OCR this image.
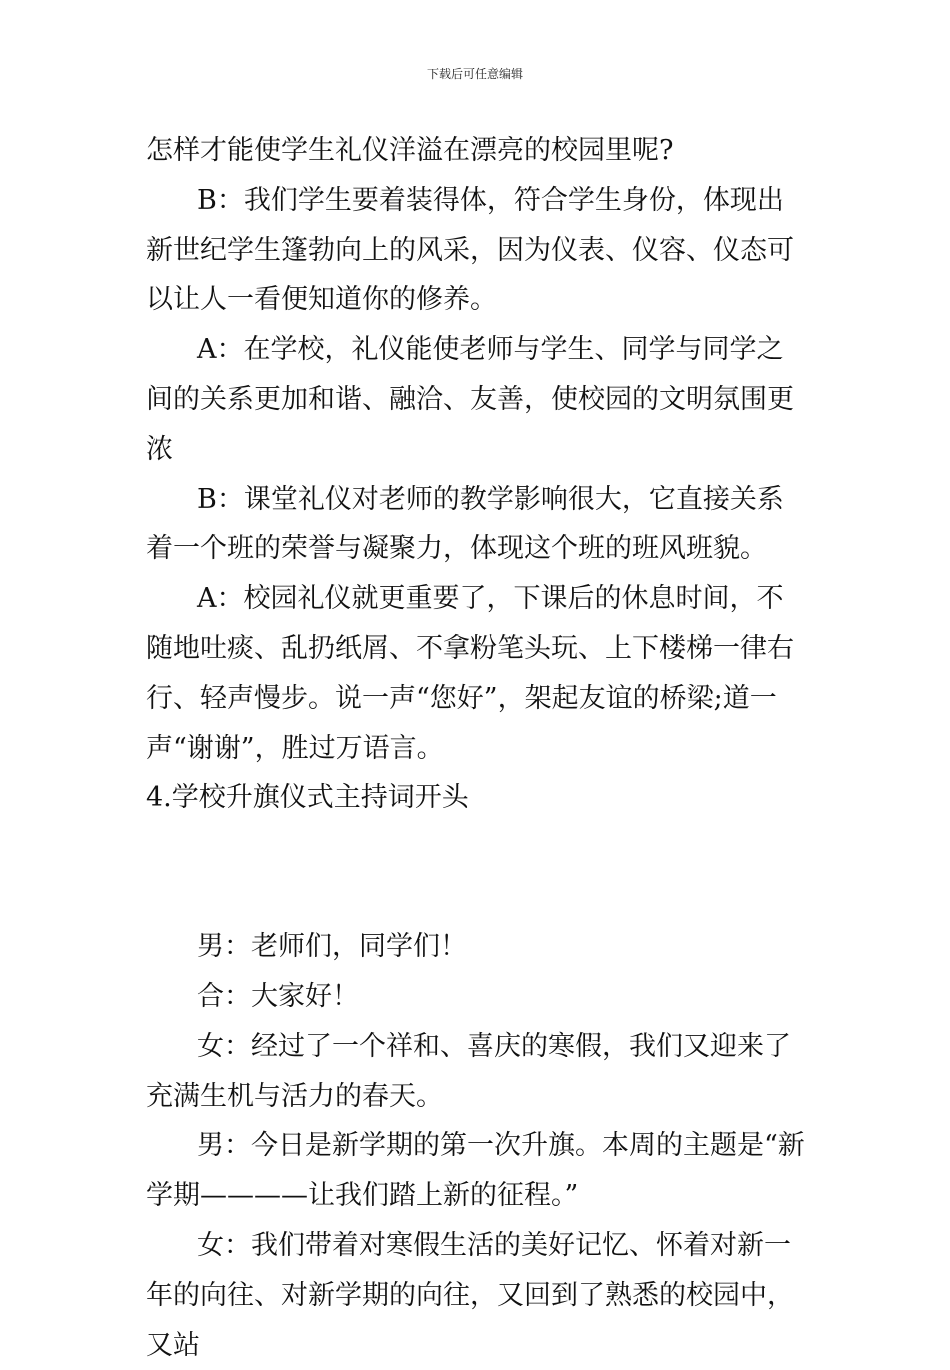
下载后可任意编辑

怎样才能使学生礼仪洋溢在漂亮的校园里呢?

B：我们学生要着装得体，符合学生身份，体现出新世纪学生篷勃向上的风采，因为仪表、仪容、仪态可以让人一看便知道你的修养。

A：在学校，礼仪能使老师与学生、同学与同学之间的关系更加和谐、融洽、友善，使校园的文明氛围更浓

B：课堂礼仪对老师的教学影响很大，它直接关系着一个班的荣誉与凝聚力，体现这个班的班风班貌。

A：校园礼仪就更重要了，下课后的休息时间，不随地吐痰、乱扔纸屑、不拿粉笔头玩、上下楼梯一律右行、轻声慢步。说一声“您好”，架起友谊的桥梁;道一声“谢谢”，胜过万语言。

4.学校升旗仪式主持词开头

男：老师们，同学们！

合：大家好！

女：经过了一个祥和、喜庆的寒假，我们又迎来了充满生机与活力的春天。

男：今日是新学期的第一次升旗。本周的主题是“新学期————让我们踏上新的征程。”

女：我们带着对寒假生活的美好记忆、怀着对新一年的向往、对新学期的向往，又回到了熟悉的校园中，又站
